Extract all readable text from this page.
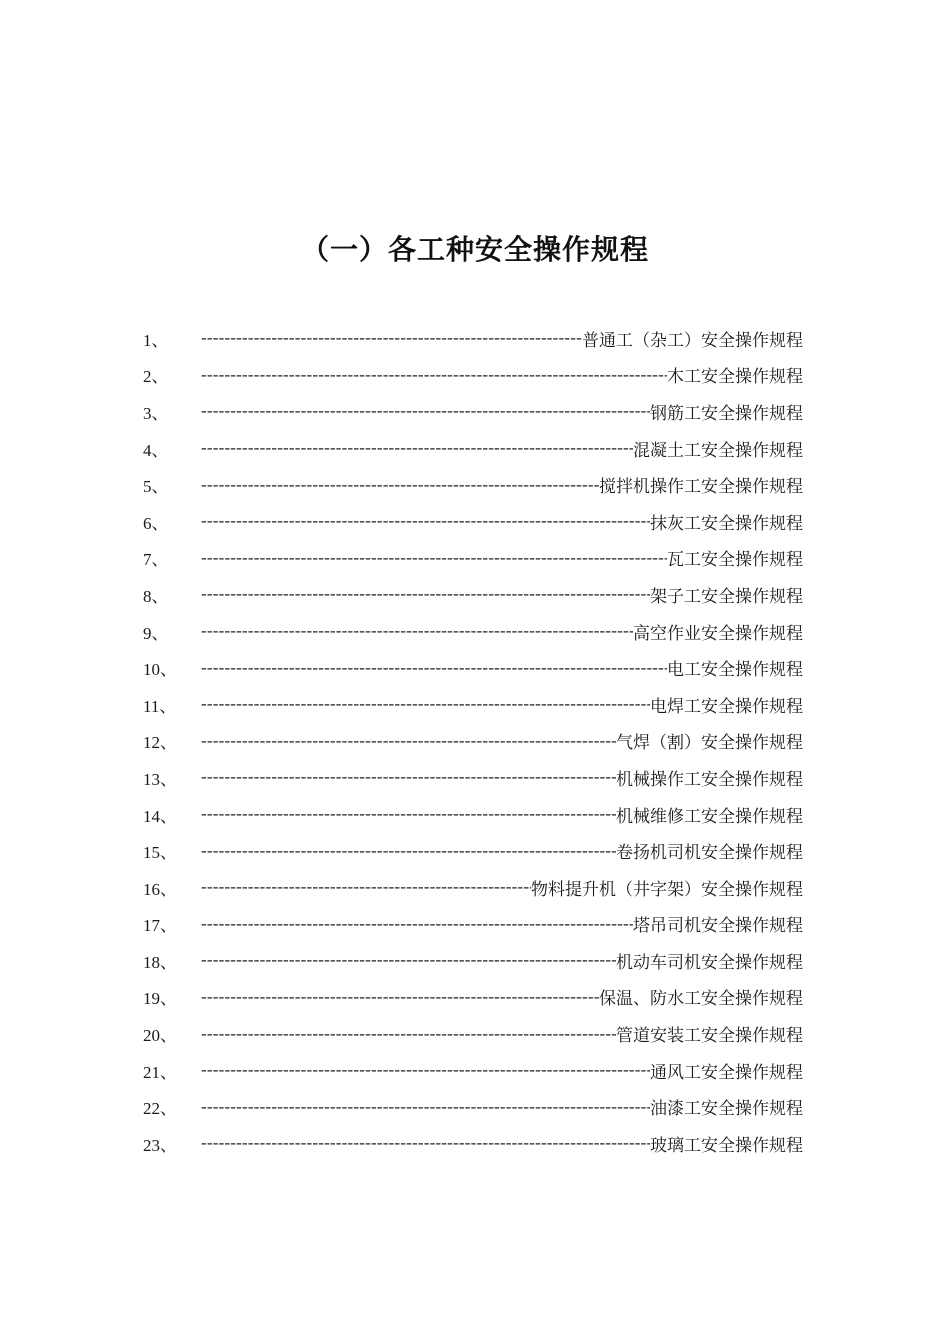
（一）各工种安全操作规程
1、 -----	普通工（杂工）安全操作规程
2、 -----	木工安全操作规程
3、 -----	钢筋工安全操作规程
4、 -----	混凝土工安全操作规程
5、 -----	搅拌机操作工安全操作规程
6、 -----	抹灰工安全操作规程
7、 -----	瓦工安全操作规程
8、 -----	架子工安全操作规程
9、 -----	高空作业安全操作规程
10、 -----	电工安全操作规程
11、 -----	电焊工安全操作规程
12、 -----	气焊（割）安全操作规程
13、 -----	机械操作工安全操作规程
14、 -----	机械维修工安全操作规程
15、 -----	卷扬机司机安全操作规程
16、 -----	物料提升机（井字架）安全操作规程
17、 -----	塔吊司机安全操作规程
18、 -----	机动车司机安全操作规程
19、 -----	保温、防水工安全操作规程
20、 -----	管道安装工安全操作规程
21、 -----	通风工安全操作规程
22、 -----	油漆工安全操作规程
23、 -----	玻璃工安全操作规程
